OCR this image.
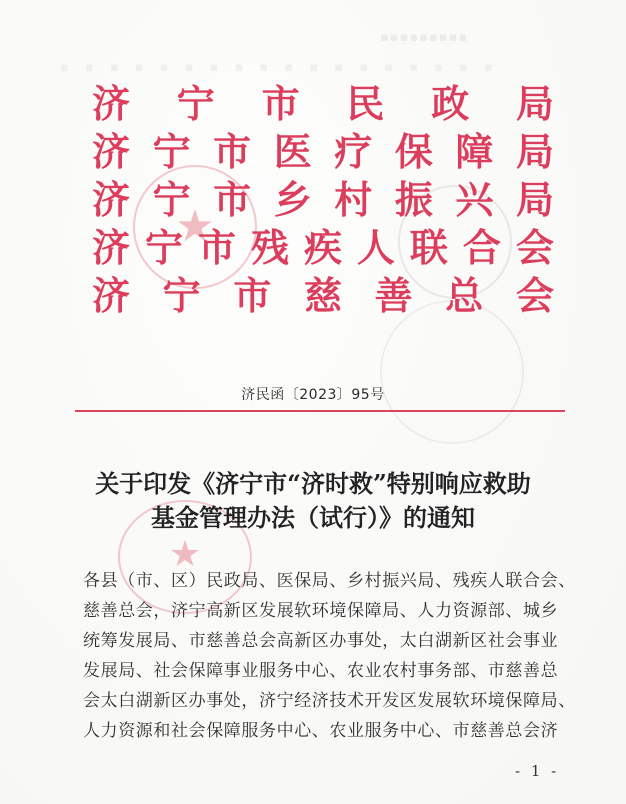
▪▪▪▪▪▪▪▪▪
▪ ▪ ▪ ▪ ▪ ▪ ▪ ▪ ▪ ▪ ▪ ▪ ▪ ▪ ▪ ▪ ▪ ▪
★
济 宁 市 民 政 局
济 宁 市 医 疗 保 障 局
济 宁 市 乡 村 振 兴 局
济 宁 市 残 疾 人 联 合 会
济 宁 市 慈 善 总 会
济民函〔2023〕95号
★
关于印发《济宁市“济时救”特别响应救助
基金管理办法（试行）》的通知
各县（市、区）民政局、医保局、乡村振兴局、残疾人联合会、
慈善总会，济宁高新区发展软环境保障局、人力资源部、城乡
统筹发展局、市慈善总会高新区办事处，太白湖新区社会事业
发展局、社会保障事业服务中心、农业农村事务部、市慈善总
会太白湖新区办事处，济宁经济技术开发区发展软环境保障局、
人力资源和社会保障服务中心、农业服务中心、市慈善总会济
- 1 -
